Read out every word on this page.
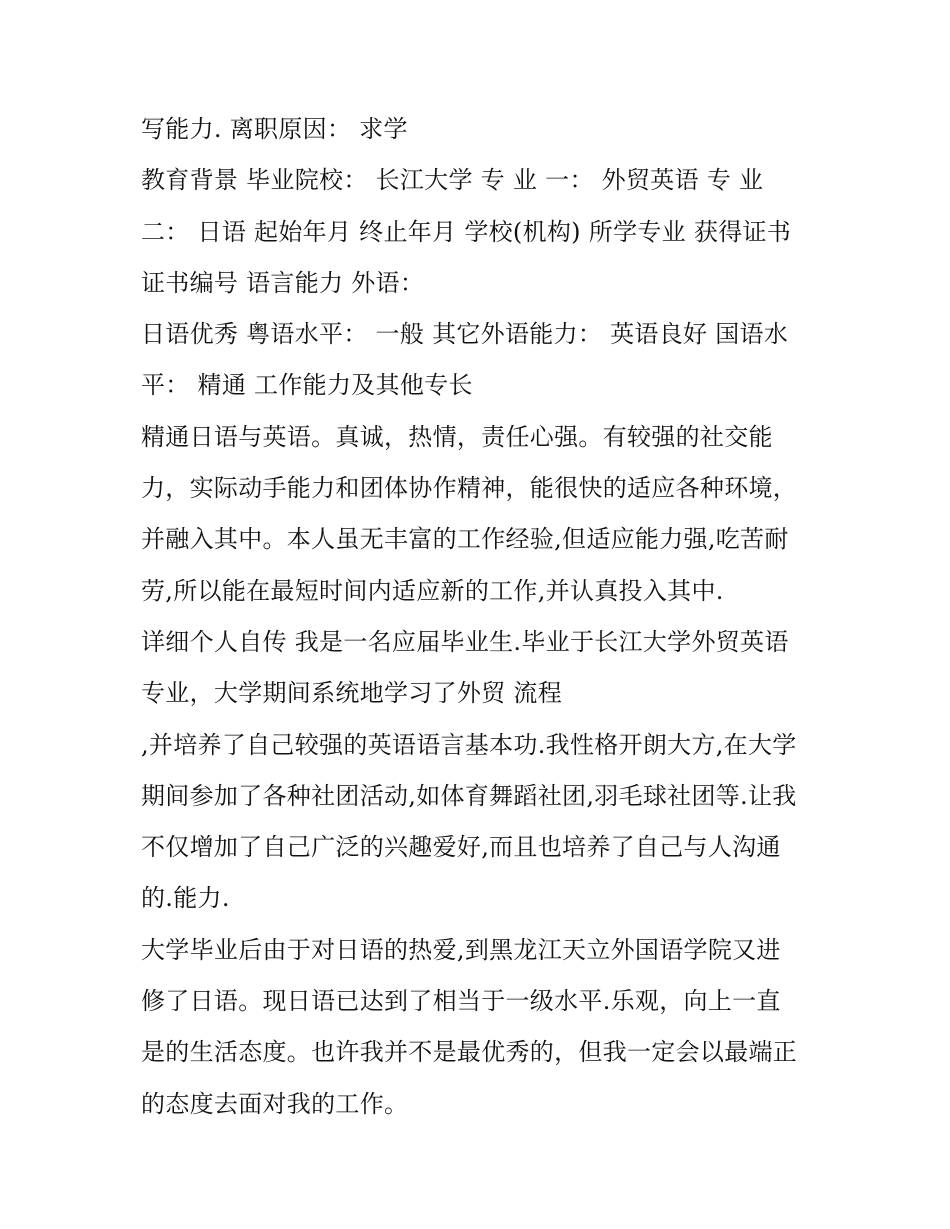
写能力. 离职原因： 求学
教育背景 毕业院校： 长江大学 专 业 一： 外贸英语 专 业
二： 日语 起始年月 终止年月 学校(机构) 所学专业 获得证书
证书编号 语言能力 外语：
日语优秀 粤语水平： 一般 其它外语能力： 英语良好 国语水
平： 精通 工作能力及其他专长
精通日语与英语。真诚，热情，责任心强。有较强的社交能
力，实际动手能力和团体协作精神，能很快的适应各种环境，
并融入其中。本人虽无丰富的工作经验,但适应能力强,吃苦耐
劳,所以能在最短时间内适应新的工作,并认真投入其中.
详细个人自传 我是一名应届毕业生.毕业于长江大学外贸英语
专业，大学期间系统地学习了外贸 流程
,并培养了自己较强的英语语言基本功.我性格开朗大方,在大学
期间参加了各种社团活动,如体育舞蹈社团,羽毛球社团等.让我
不仅增加了自己广泛的兴趣爱好,而且也培养了自己与人沟通
的.能力.
大学毕业后由于对日语的热爱,到黑龙江天立外国语学院又进
修了日语。现日语已达到了相当于一级水平.乐观，向上一直
是的生活态度。也许我并不是最优秀的，但我一定会以最端正
的态度去面对我的工作。
